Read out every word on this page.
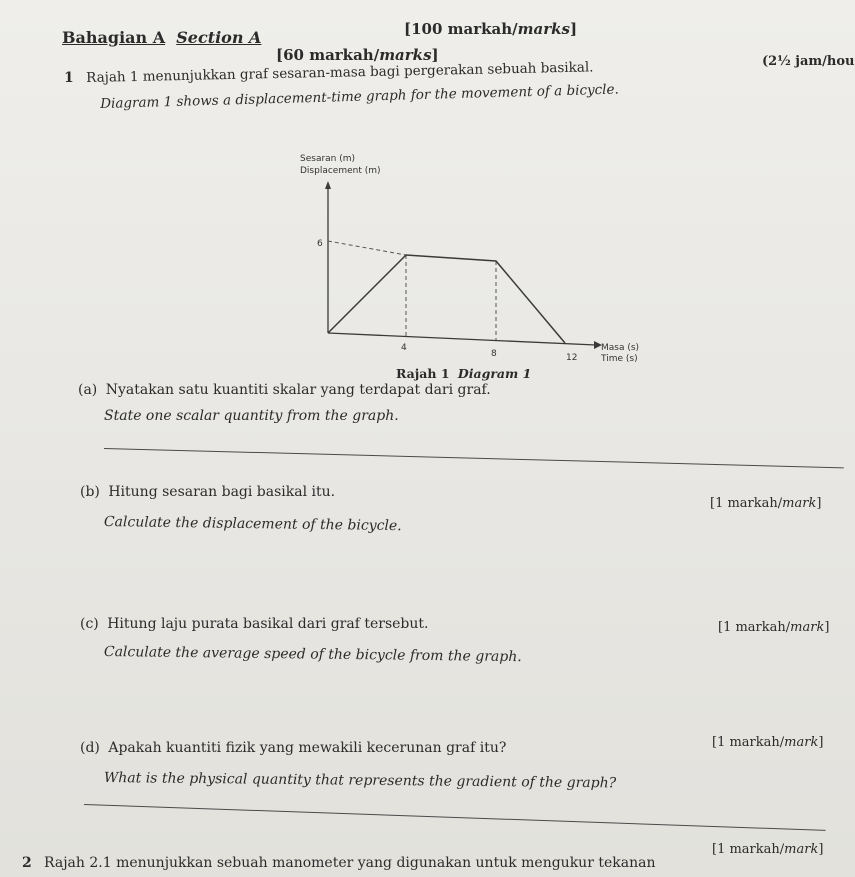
[100 markah/marks]
Bahagian A Section A
[60 markah/marks]	(2½ jam/hou
1 Rajah 1 menunjukkan graf sesaran-masa bagi pergerakan sebuah basikal.
Diagram 1 shows a displacement-time graph for the movement of a bicycle.
Sesaran (m)
Displacement (m)
6
4
8	12
Masa (s)
Time (s)
Rajah 1 Diagram 1
(a) Nyatakan satu kuantiti skalar yang terdapat dari graf.
State one scalar quantity from the graph.
(b) Hitung sesaran bagi basikal itu.
Calculate the displacement of the bicycle.
[1 markah/mark]
(c) Hitung laju purata basikal dari graf tersebut.
Calculate the average speed of the bicycle from the graph.
[1 markah/mark]
(d) Apakah kuantiti fizik yang mewakili kecerunan graf itu?
What is the physical quantity that represents the gradient of the graph?
[1 markah/mark]
[1 markah/mark]
2 Rajah 2.1 menunjukkan sebuah manometer yang digunakan untuk mengukur tekanan
